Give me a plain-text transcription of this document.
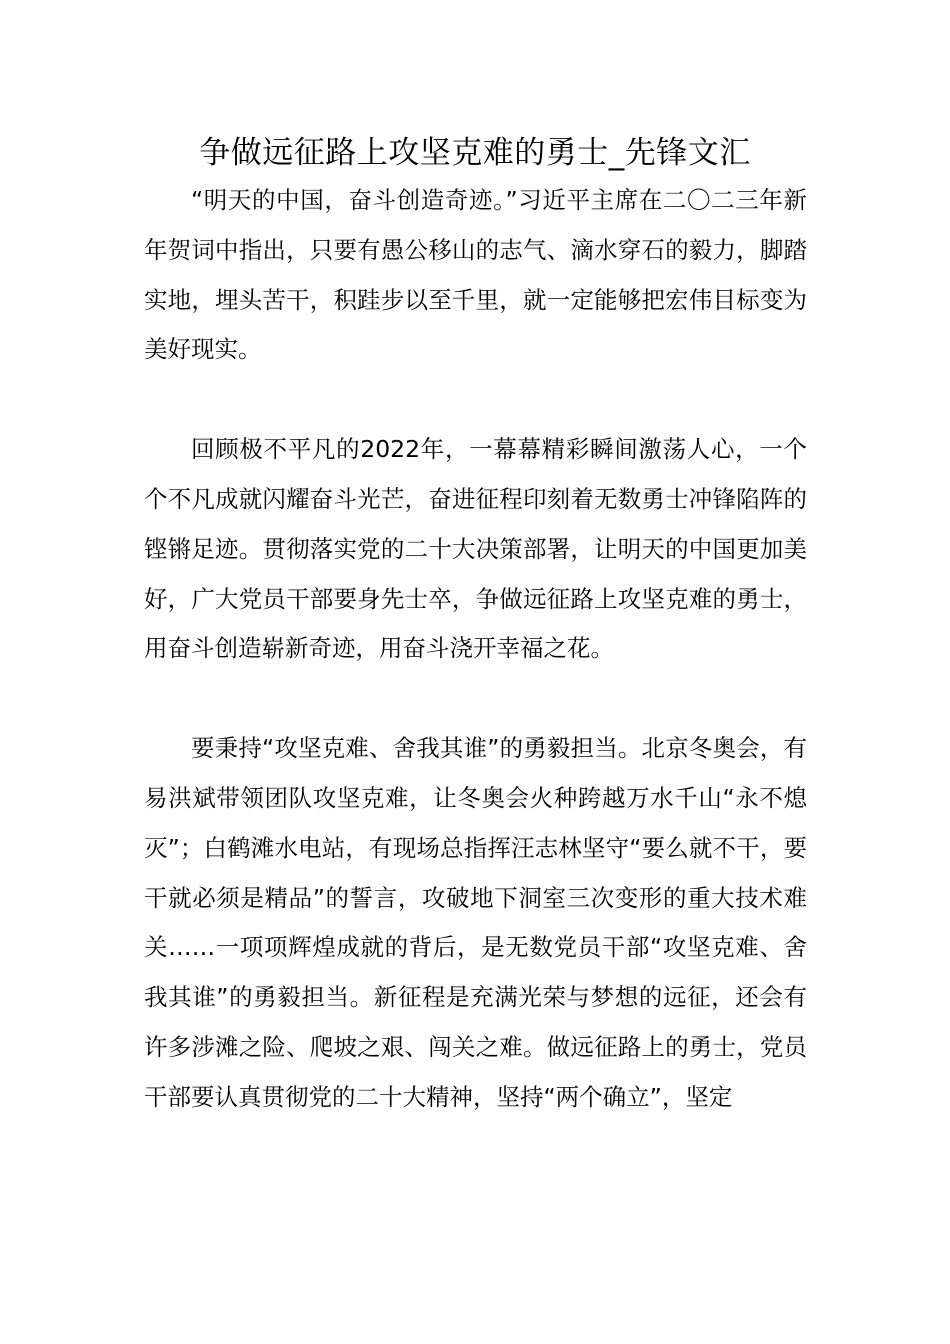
争做远征路上攻坚克难的勇士_先锋文汇

“明天的中国，奋斗创造奇迹。”习近平主席在二〇二三年新年贺词中指出，只要有愚公移山的志气、滴水穿石的毅力，脚踏实地，埋头苦干，积跬步以至千里，就一定能够把宏伟目标变为美好现实。

回顾极不平凡的2022年，一幕幕精彩瞬间激荡人心，一个个不凡成就闪耀奋斗光芒，奋进征程印刻着无数勇士冲锋陷阵的铿锵足迹。贯彻落实党的二十大决策部署，让明天的中国更加美好，广大党员干部要身先士卒，争做远征路上攻坚克难的勇士，用奋斗创造崭新奇迹，用奋斗浇开幸福之花。

要秉持“攻坚克难、舍我其谁”的勇毅担当。北京冬奥会，有易洪斌带领团队攻坚克难，让冬奥会火种跨越万水千山“永不熄灭”；白鹤滩水电站，有现场总指挥汪志林坚守“要么就不干，要干就必须是精品”的誓言，攻破地下洞室三次变形的重大技术难关……一项项辉煌成就的背后，是无数党员干部“攻坚克难、舍我其谁”的勇毅担当。新征程是充满光荣与梦想的远征，还会有许多涉滩之险、爬坡之艰、闯关之难。做远征路上的勇士，党员干部要认真贯彻党的二十大精神，坚持“两个确立”，坚定
